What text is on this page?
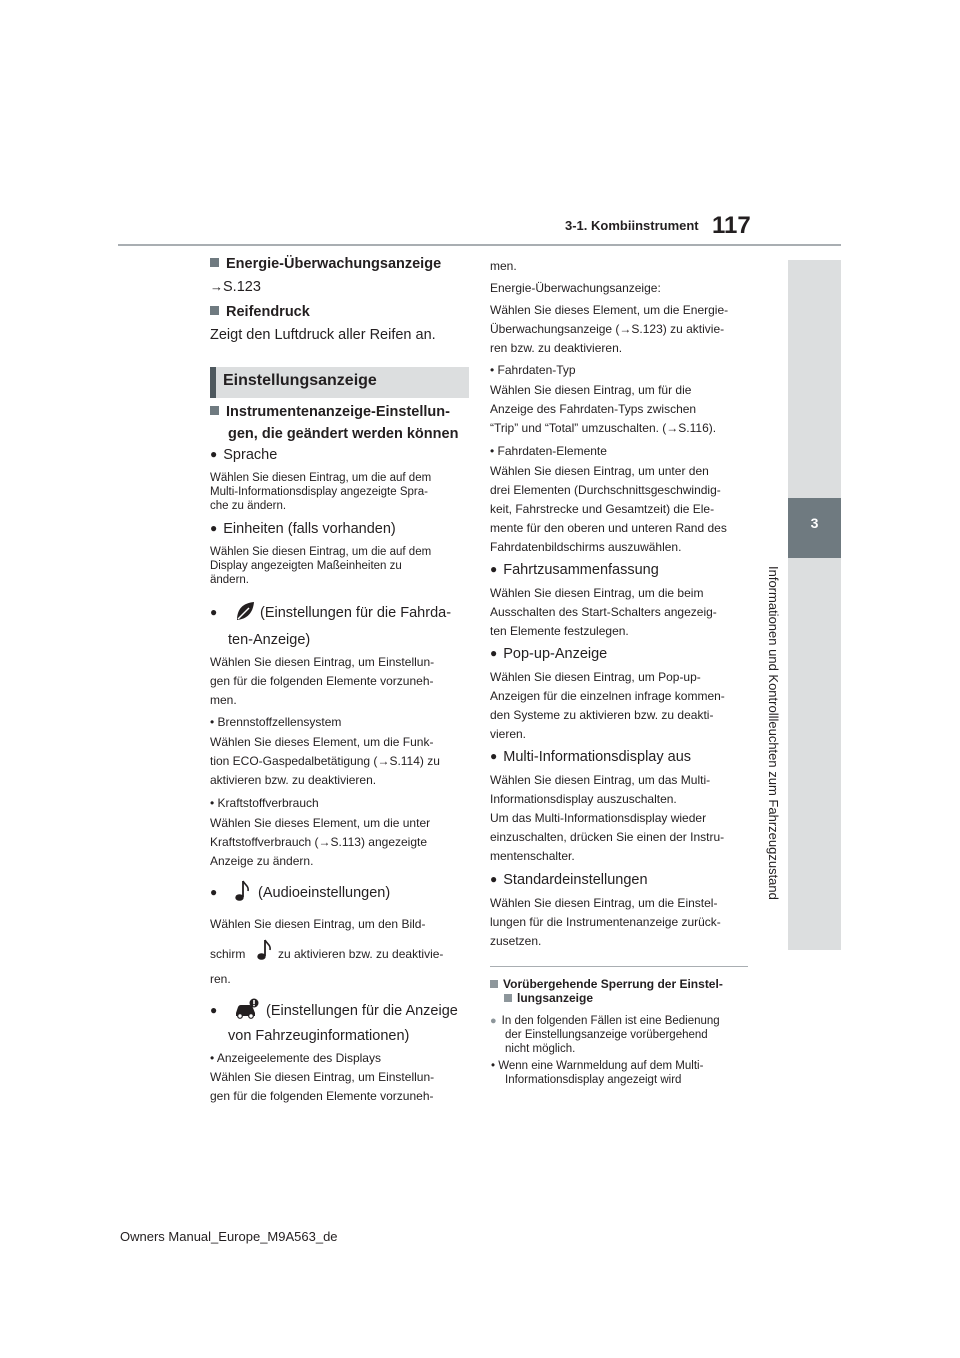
3-1. Kombiinstrument 117
3
Informationen und Kontrollleuchten zum Fahrzeugzustand
Energie-Überwachungsanzeige
→S.123
Reifendruck
Zeigt den Luftdruck aller Reifen an.
Einstellungsanzeige
Instrumentenanzeige-Einstellun-
gen, die geändert werden können
● Sprache
Wählen Sie diesen Eintrag, um die auf dem
Multi-Informationsdisplay angezeigte Spra-
che zu ändern.
● Einheiten (falls vorhanden)
Wählen Sie diesen Eintrag, um die auf dem
Display angezeigten Maßeinheiten zu
ändern.
●
(Einstellungen für die Fahrda-
ten-Anzeige)
Wählen Sie diesen Eintrag, um Einstellun-
gen für die folgenden Elemente vorzuneh-
men.
• Brennstoffzellensystem
Wählen Sie dieses Element, um die Funk-
tion ECO-Gaspedalbetätigung (→S.114) zu
aktivieren bzw. zu deaktivieren.
• Kraftstoffverbrauch
Wählen Sie dieses Element, um die unter
Kraftstoffverbrauch (→S.113) angezeigte
Anzeige zu ändern.
●
(Audioeinstellungen)
Wählen Sie diesen Eintrag, um den Bild-
schirm	zu aktivieren bzw. zu deaktivie-
ren.
●
(Einstellungen für die Anzeige
von Fahrzeuginformationen)
• Anzeigeelemente des Displays
Wählen Sie diesen Eintrag, um Einstellun-
gen für die folgenden Elemente vorzuneh-
men.
Energie-Überwachungsanzeige:
Wählen Sie dieses Element, um die Energie-
Überwachungsanzeige (→S.123) zu aktivie-
ren bzw. zu deaktivieren.
• Fahrdaten-Typ
Wählen Sie diesen Eintrag, um für die
Anzeige des Fahrdaten-Typs zwischen
“Trip” und “Total” umzuschalten. (→S.116).
• Fahrdaten-Elemente
Wählen Sie diesen Eintrag, um unter den
drei Elementen (Durchschnittsgeschwindig-
keit, Fahrstrecke und Gesamtzeit) die Ele-
mente für den oberen und unteren Rand des
Fahrdatenbildschirms auszuwählen.
● Fahrtzusammenfassung
Wählen Sie diesen Eintrag, um die beim
Ausschalten des Start-Schalters angezeig-
ten Elemente festzulegen.
● Pop-up-Anzeige
Wählen Sie diesen Eintrag, um Pop-up-
Anzeigen für die einzelnen infrage kommen-
den Systeme zu aktivieren bzw. zu deakti-
vieren.
● Multi-Informationsdisplay aus
Wählen Sie diesen Eintrag, um das Multi-
Informationsdisplay auszuschalten.
Um das Multi-Informationsdisplay wieder
einzuschalten, drücken Sie einen der Instru-
mentenschalter.
● Standardeinstellungen
Wählen Sie diesen Eintrag, um die Einstel-
lungen für die Instrumentenanzeige zurück-
zusetzen.
Vorübergehende Sperrung der Einstel-
lungsanzeige
● In den folgenden Fällen ist eine Bedienung
der Einstellungsanzeige vorübergehend
nicht möglich.
• Wenn eine Warnmeldung auf dem Multi-
Informationsdisplay angezeigt wird
Owners Manual_Europe_M9A563_de
